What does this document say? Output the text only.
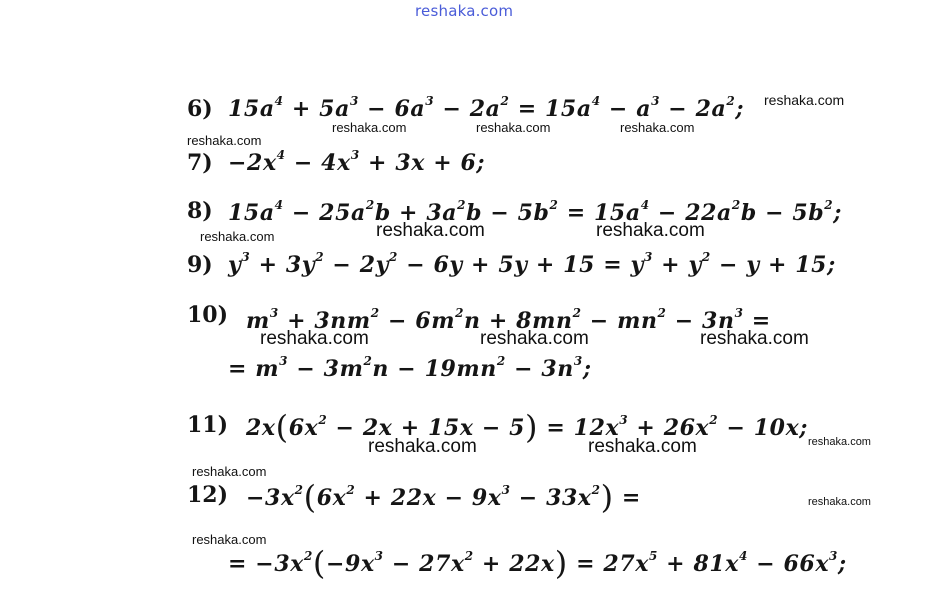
reshaka.com
6) $15a^4 + 5a^3 - 6a^3 - 2a^2 = 15a^4 - a^3 - 2a^2$; reshaka.com
reshaka.com	reshaka.com	reshaka.com
reshaka.com
$7) -2x^4 - 4x^3 + 3x + 6$;
8) $15a^4 - 25a^2b + 3a^2b - 5b^2 = 15a^4 - 22a^2b - 5b^2$;
reshaka.com	reshaka.com	reshaka.com
9) $y^3 + 3y^2 - 2y^2 - 6y + 5y + 15 = y^3 + y^2 - y + 15$;
10) $m^3 + 3nm^2 - 6m^2n + 8mn^2 - mn^2 - 3n^3$ =
reshaka.com	reshaka.com	reshaka.com
= $m^3 - 3m^2n - 19mn^2 - 3n^3$;
11) $2x(6x^2 - 2x + 15x - 5) = 12x^3 + 26x^2 - 10x$;
reshaka.com	reshaka.com	reshaka.com
reshaka.com
$12) -3x^2(6x^2 + 22x - 9x^3 - 33x^2)$ =	reshaka.com
reshaka.com
= $-3x^2(-9x^3 - 27x^2 + 22x) = 27x^5 + 81x^4 - 66x^3$;
